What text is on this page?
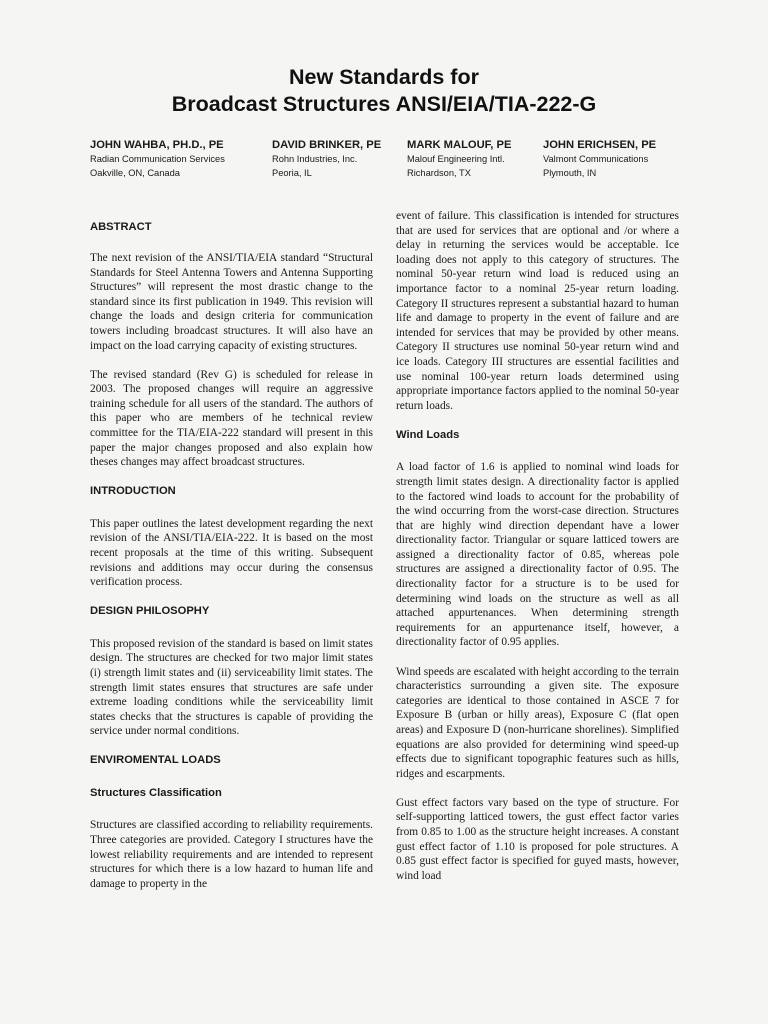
New Standards for
Broadcast Structures ANSI/EIA/TIA-222-G
JOHN WAHBA, PH.D., PE
Radian Communication Services
Oakville, ON, Canada
DAVID BRINKER, PE
Rohn Industries, Inc.
Peoria, IL
MARK MALOUF, PE
Malouf Engineering Intl.
Richardson, TX
JOHN ERICHSEN, PE
Valmont Communications
Plymouth, IN
ABSTRACT

The next revision of the ANSI/TIA/EIA standard “Structural Standards for Steel Antenna Towers and Antenna Supporting Structures” will represent the most drastic change to the standard since its first publication in 1949. This revision will change the loads and design criteria for communication towers including broadcast structures. It will also have an impact on the load carrying capacity of existing structures.

The revised standard (Rev G) is scheduled for release in 2003. The proposed changes will require an aggressive training schedule for all users of the standard. The authors of this paper who are members of he technical review committee for the TIA/EIA-222 standard will present in this paper the major changes proposed and also explain how theses changes may affect broadcast structures.

INTRODUCTION

This paper outlines the latest development regarding the next revision of the ANSI/TIA/EIA-222. It is based on the most recent proposals at the time of this writing. Subsequent revisions and additions may occur during the consensus verification process.

DESIGN PHILOSOPHY

This proposed revision of the standard is based on limit states design. The structures are checked for two major limit states (i) strength limit states and (ii) serviceability limit states. The strength limit states ensures that structures are safe under extreme loading conditions while the serviceability limit states checks that the structures is capable of providing the service under normal conditions.

ENVIROMENTAL LOADS
Structures Classification

Structures are classified according to reliability requirements. Three categories are provided. Category I structures have the lowest reliability requirements and are intended to represent structures for which there is a low hazard to human life and damage to property in the

event of failure. This classification is intended for structures that are used for services that are optional and /or where a delay in returning the services would be acceptable. Ice loading does not apply to this category of structures. The nominal 50-year return wind load is reduced using an importance factor to a nominal 25-year return loading. Category II structures represent a substantial hazard to human life and damage to property in the event of failure and are intended for services that may be provided by other means. Category II structures use nominal 50-year return wind and ice loads. Category III structures are essential facilities and use nominal 100-year return loads determined using appropriate importance factors applied to the nominal 50-year return loads.

Wind Loads

A load factor of 1.6 is applied to nominal wind loads for strength limit states design. A directionality factor is applied to the factored wind loads to account for the probability of the wind occurring from the worst-case direction. Structures that are highly wind direction dependant have a lower directionality factor. Triangular or square latticed towers are assigned a directionality factor of 0.85, whereas pole structures are assigned a directionality factor of 0.95. The directionality factor for a structure is to be used for determining wind loads on the structure as well as all attached appurtenances. When determining strength requirements for an appurtenance itself, however, a directionality factor of 0.95 applies.

Wind speeds are escalated with height according to the terrain characteristics surrounding a given site. The exposure categories are identical to those contained in ASCE 7 for Exposure B (urban or hilly areas), Exposure C (flat open areas) and Exposure D (non-hurricane shorelines). Simplified equations are also provided for determining wind speed-up effects due to significant topographic features such as hills, ridges and escarpments.

Gust effect factors vary based on the type of structure. For self-supporting latticed towers, the gust effect factor varies from 0.85 to 1.00 as the structure height increases. A constant gust effect factor of 1.10 is proposed for pole structures. A 0.85 gust effect factor is specified for guyed masts, however, wind load
